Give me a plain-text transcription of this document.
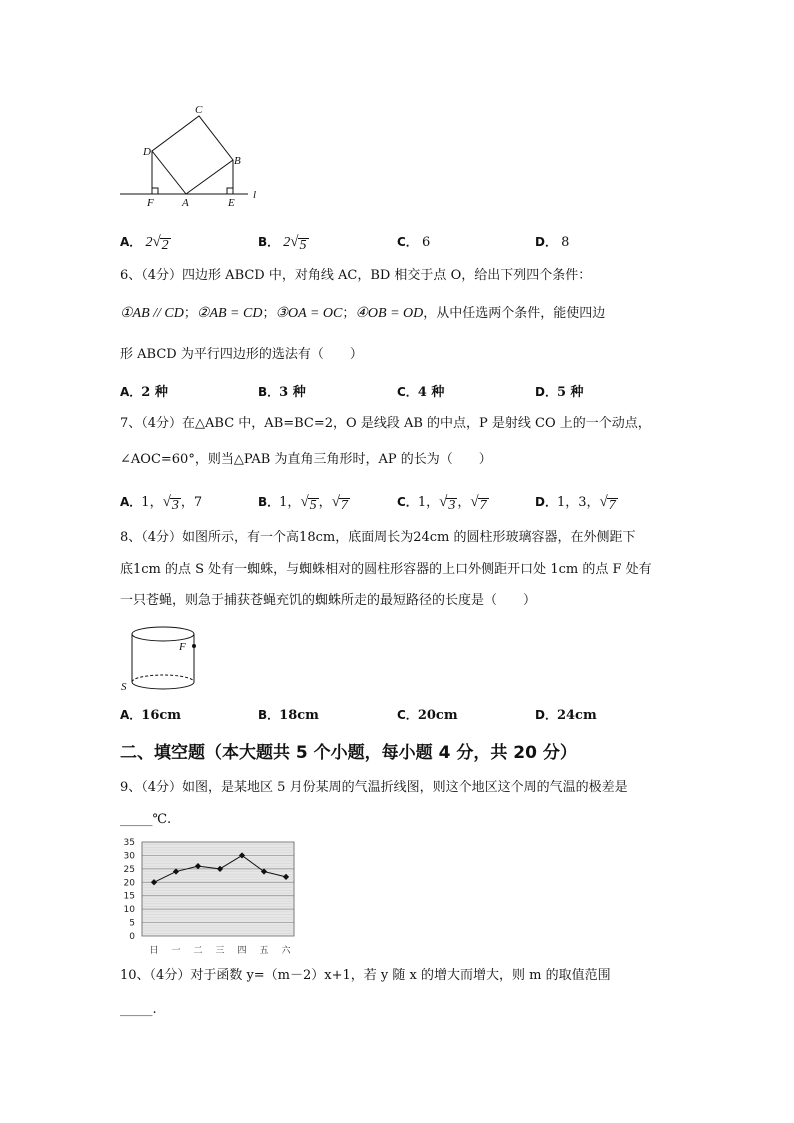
C
D
B
F	A	E
l
A． 2 √ 2	B． 2 √ 5	C． 6	D． 8
6、（4分）四边形 ABCD 中，对角线 AC，BD 相交于点 O，给出下列四个条件：
①AB // CD；②AB = CD；③OA = OC；④OB = OD，从中任选两个条件，能使四边
形 ABCD 为平行四边形的选法有（　　）
A．2 种	B．3 种	C．4 种	D．5 种
7、（4分）在△ABC 中，AB=BC=2，O 是线段 AB 的中点，P 是射线 CO 上的一个动点，
∠AOC=60°，则当△PAB 为直角三角形时，AP 的长为（　　）
A．1， √ 3 ，7	B．1， √ 5 ， √ 7	C．1， √ 3 ， √ 7	D．1，3， √ 7
8、（4分）如图所示，有一个高18cm，底面周长为24cm 的圆柱形玻璃容器，在外侧距下
底1cm 的点 S 处有一蜘蛛，与蜘蛛相对的圆柱形容器的上口外侧距开口处 1cm 的点 F 处有
一只苍蝇，则急于捕获苍蝇充饥的蜘蛛所走的最短路径的长度是（　　）
F
S
A．16cm	B．18cm	C．20cm	D．24cm
二、填空题（本大题共 5 个小题，每小题 4 分，共 20 分）
9、（4分）如图，是某地区 5 月份某周的气温折线图，则这个地区这个周的气温的极差是
_____℃.
0
5
10
15
20
25
30
35
日 一 二 三 四 五 六
10、（4分）对于函数 y=（m－2）x+1，若 y 随 x 的增大而增大，则 m 的取值范围
_____.
